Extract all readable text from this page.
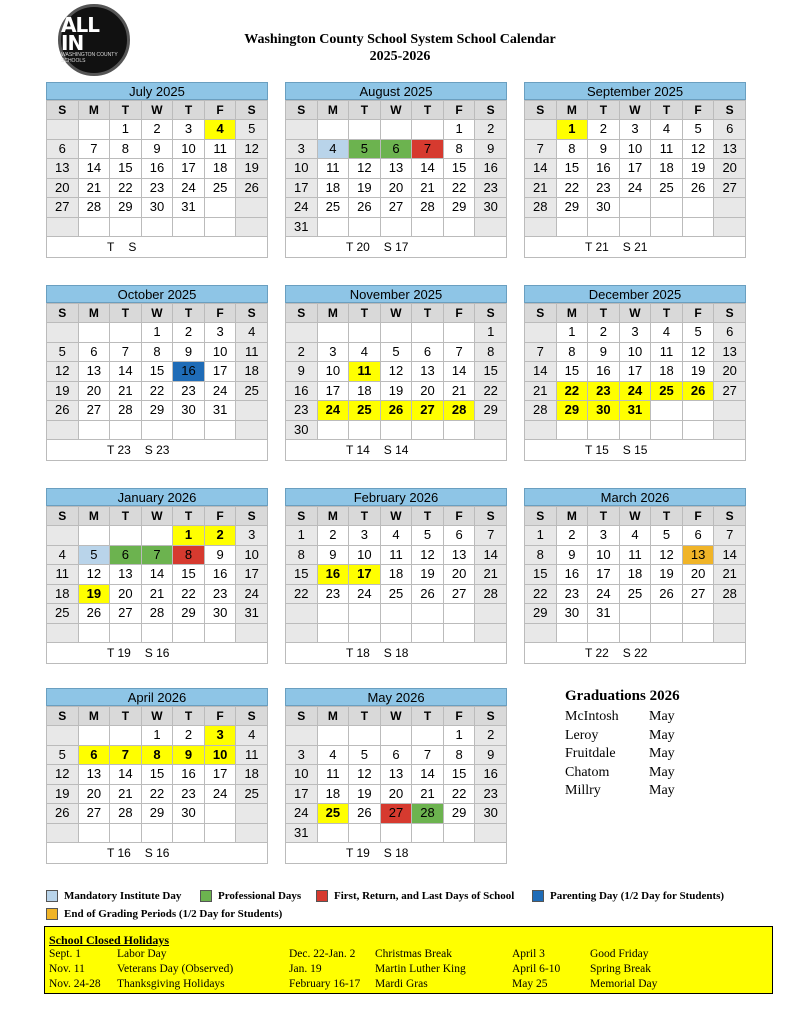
ALL IN
WASHINGTON COUNTY SCHOOLS
Washington County School System School Calendar
2025-2026
July 2025
S	M	T	W	T	F	S
		1	2	3	4	5
6	7	8	9	10	11	12
13	14	15	16	17	18	19
20	21	22	23	24	25	26
27	28	29	30	31		

T S
August 2025
S	M	T	W	T	F	S
					1	2
3	4	5	6	7	8	9
10	11	12	13	14	15	16
17	18	19	20	21	22	23
24	25	26	27	28	29	30
31						
T 20 S 17
September 2025
S	M	T	W	T	F	S
	1	2	3	4	5	6
7	8	9	10	11	12	13
14	15	16	17	18	19	20
21	22	23	24	25	26	27
28	29	30				

T 21 S 21
October 2025
S	M	T	W	T	F	S
			1	2	3	4
5	6	7	8	9	10	11
12	13	14	15	16	17	18
19	20	21	22	23	24	25
26	27	28	29	30	31	

T 23 S 23
November 2025
S	M	T	W	T	F	S
						1
2	3	4	5	6	7	8
9	10	11	12	13	14	15
16	17	18	19	20	21	22
23	24	25	26	27	28	29
30						
T 14 S 14
December 2025
S	M	T	W	T	F	S
	1	2	3	4	5	6
7	8	9	10	11	12	13
14	15	16	17	18	19	20
21	22	23	24	25	26	27
28	29	30	31			

T 15 S 15
January 2026
S	M	T	W	T	F	S
				1	2	3
4	5	6	7	8	9	10
11	12	13	14	15	16	17
18	19	20	21	22	23	24
25	26	27	28	29	30	31

T 19 S 16
February 2026
S	M	T	W	T	F	S
1	2	3	4	5	6	7
8	9	10	11	12	13	14
15	16	17	18	19	20	21
22	23	24	25	26	27	28

T 18 S 18
March 2026
S	M	T	W	T	F	S
1	2	3	4	5	6	7
8	9	10	11	12	13	14
15	16	17	18	19	20	21
22	23	24	25	26	27	28
29	30	31				

T 22 S 22
April 2026
S	M	T	W	T	F	S
			1	2	3	4
5	6	7	8	9	10	11
12	13	14	15	16	17	18
19	20	21	22	23	24	25
26	27	28	29	30		

T 16 S 16
May 2026
S	M	T	W	T	F	S
					1	2
3	4	5	6	7	8	9
10	11	12	13	14	15	16
17	18	19	20	21	22	23
24	25	26	27	28	29	30
31						
T 19 S 18
Graduations 2026
McIntosh	May
Leroy	May
Fruitdale	May
Chatom	May
Millry	May
Mandatory Institute Day	Professional Days	First, Return, and Last Days of School	Parenting Day (1/2 Day for Students)
End of Grading Periods (1/2 Day for Students)
School Closed Holidays
Sept. 1	Labor Day
Nov. 11	Veterans Day (Observed)
Nov. 24-28 Thanksgiving Holidays
Dec. 22-Jan. 2 Christmas Break
Jan. 19	Martin Luther King
February 16-17 Mardi Gras
April 3	Good Friday
April 6-10	Spring Break
May 25	Memorial Day
